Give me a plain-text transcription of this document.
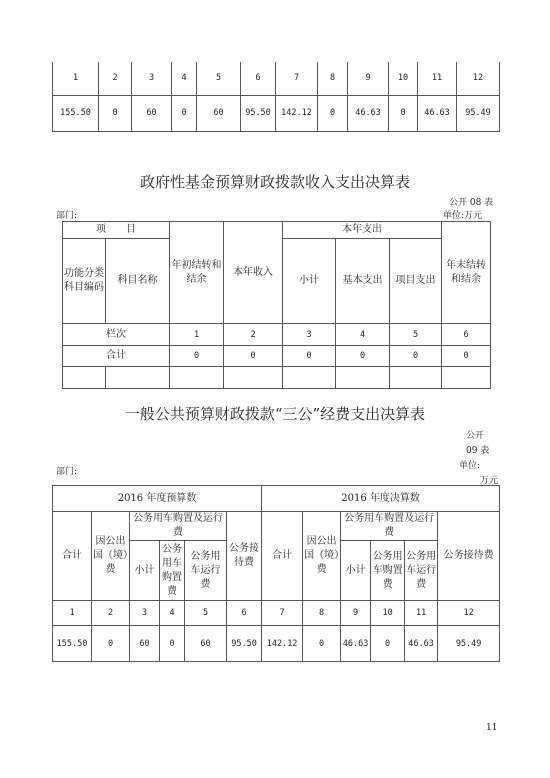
1	2	3	4	5	6	7	8	9	10	11	12
155.50	0	60	0	60	95.50	142.12	0	46.63	0	46.63	95.49
政府性基金预算财政拨款收入支出决算表
公开 08 表
部门:	单位:万元
项　　目		年初结转和结余	本年收入	本年支出			年末结转和结余
功能分类科目编码	科目名称			小计	基本支出	项目支出	

栏次		1	2	3	4	5	6
合计		0	0	0	0	0	0

一般公共预算财政拨款“三公”经费支出决算表
公开
09 表
单位:
部门:
万元
2016 年度预算数						2016 年度决算数					
合计	因公出国（境）费	公务用车购置及运行费			公务接待费	合计	因公出国（境）费	公务用车购置及运行费			公务接待费
		小计	公务用车购置费	公务用车运行费				小计	公务用车购置费	公务用车运行费	
1	2	3	4	5	6	7	8	9	10	11	12
155.50	0	60	0	60	95.50	142.12	0	46.63	0	46.63	95.49
11
